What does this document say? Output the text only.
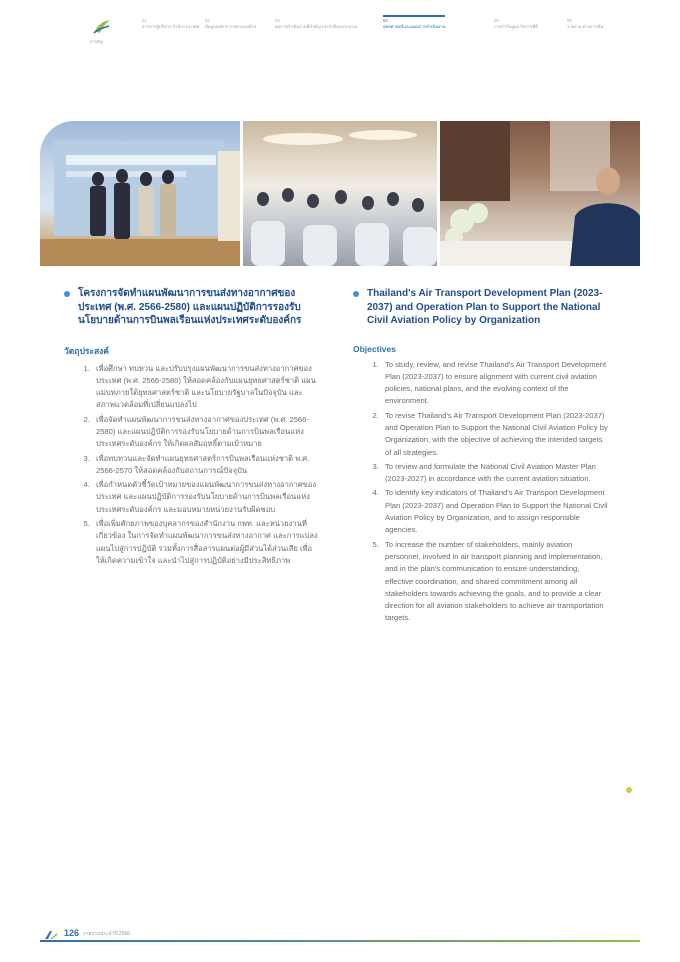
สารบัญ
01
สารจากผู้บริหาร สำนักงาน กพท.
02
ข้อมูลองค์กร ภาพรวมองค์กร
03
ผลการดำเนินงานที่สำคัญ ประจำปีงบประมาณ
04
ยุทธศาสตร์และแผนการดำเนินงาน
05
การกำกับดูแล กิจการที่ดี
06
รายงาน ทางการเงิน
โครงการจัดทำแผนพัฒนาการขนส่งทางอากาศของประเทศ (พ.ศ. 2566-2580) และแผนปฏิบัติการรองรับนโยบายด้านการบินพลเรือนแห่งประเทศระดับองค์กร
วัตถุประสงค์
1. เพื่อศึกษา ทบทวน และปรับปรุงแผนพัฒนาการขนส่งทางอากาศของประเทศ (พ.ศ. 2566-2580) ให้สอดคล้องกับแผนยุทธศาสตร์ชาติ แผนแม่บทภายใต้ยุทธศาสตร์ชาติ และนโยบายรัฐบาลในปัจจุบัน และสภาพแวดล้อมที่เปลี่ยนแปลงไป
2. เพื่อจัดทำแผนพัฒนาการขนส่งทางอากาศของประเทศ (พ.ศ. 2566-2580) และแผนปฏิบัติการรองรับนโยบายด้านการบินพลเรือนแห่งประเทศระดับองค์กร ให้เกิดผลสัมฤทธิ์ตามเป้าหมาย
3. เพื่อทบทวนและจัดทำแผนยุทธศาสตร์การบินพลเรือนแห่งชาติ พ.ศ. 2566-2570 ให้สอดคล้องกับสถานการณ์ปัจจุบัน
4. เพื่อกำหนดตัวชี้วัดเป้าหมายของแผนพัฒนาการขนส่งทางอากาศของประเทศ และแผนปฏิบัติการรองรับนโยบายด้านการบินพลเรือนแห่งประเทศระดับองค์กร และมอบหมายหน่วยงานรับผิดชอบ
5. เพื่อเพิ่มศักยภาพของบุคลากรของสำนักงาน กพท. และหน่วยงานที่เกี่ยวข้อง ในการจัดทำแผนพัฒนาการขนส่งทางอากาศ และการแปลงแผนไปสู่การปฏิบัติ รวมทั้งการสื่อสารแผนต่อผู้มีส่วนได้ส่วนเสีย เพื่อให้เกิดความเข้าใจ และนำไปสู่การปฏิบัติอย่างมีประสิทธิภาพ
Thailand's Air Transport Development Plan (2023-2037) and Operation Plan to Support the National Civil Aviation Policy by Organization
Objectives
1. To study, review, and revise Thailand's Air Transport Development Plan (2023-2037) to ensure alignment with current civil aviation policies, national plans, and the evolving context of the environment.
2. To revise Thailand's Air Transport Development Plan (2023-2037) and Operation Plan to Support the National Civil Aviation Policy by Organization, with the objective of achieving the intended targets of all strategies.
3. To review and formulate the National Civil Aviation Master Plan (2023-2027) in accordance with the current aviation situation.
4. To identify key indicators of Thailand's Air Transport Development Plan (2023-2037) and Operation Plan to Support the National Civil Aviation Policy by Organization, and to assign responsible agencies.
5. To increase the number of stakeholders, mainly aviation personnel, involved in air transport planning and implementation, and in the plan's communication to ensure understanding, effective coordination, and shared commitment among all stakeholders towards achieving the goals, and to provide a clear direction for all aviation stakeholders to achieve air transportation targets.
126 รายงานประจำปี 2566
